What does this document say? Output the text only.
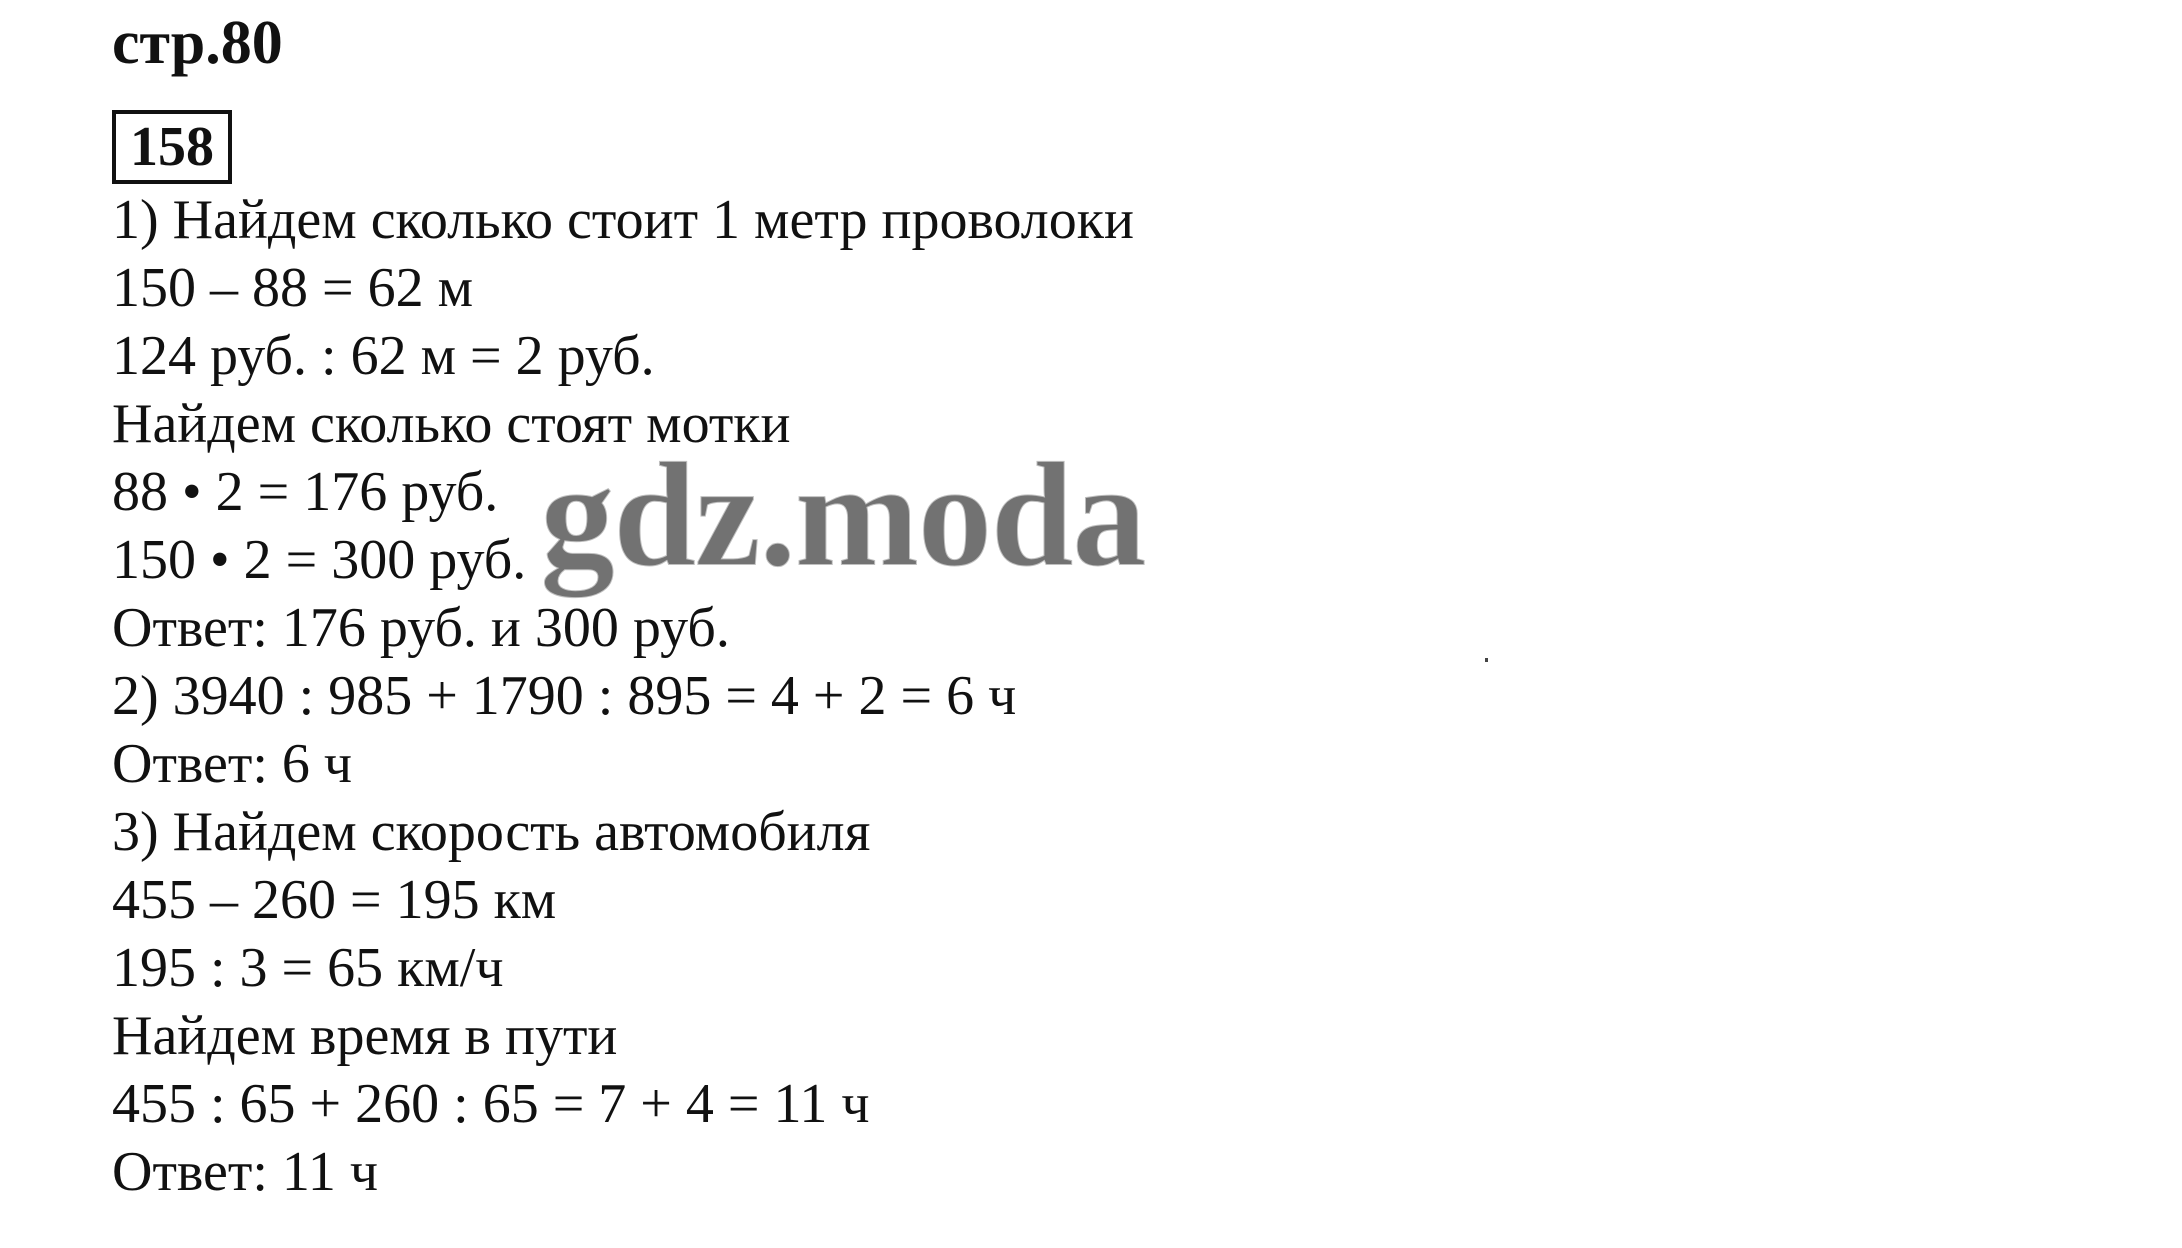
стр.80
158
1) Найдем сколько стоит 1 метр проволоки
150 – 88 = 62 м
124 руб. : 62 м = 2 руб.
Найдем сколько стоят мотки
88 • 2 = 176 руб.
150 • 2 = 300 руб.
Ответ: 176 руб. и 300 руб.
2) 3940 : 985 + 1790 : 895 = 4 + 2 = 6 ч
Ответ: 6 ч
3) Найдем скорость автомобиля
455 – 260 = 195 км
195 : 3 = 65 км/ч
Найдем время в пути
455 : 65 + 260 : 65 = 7 + 4 = 11 ч
Ответ: 11 ч
gdz.moda
